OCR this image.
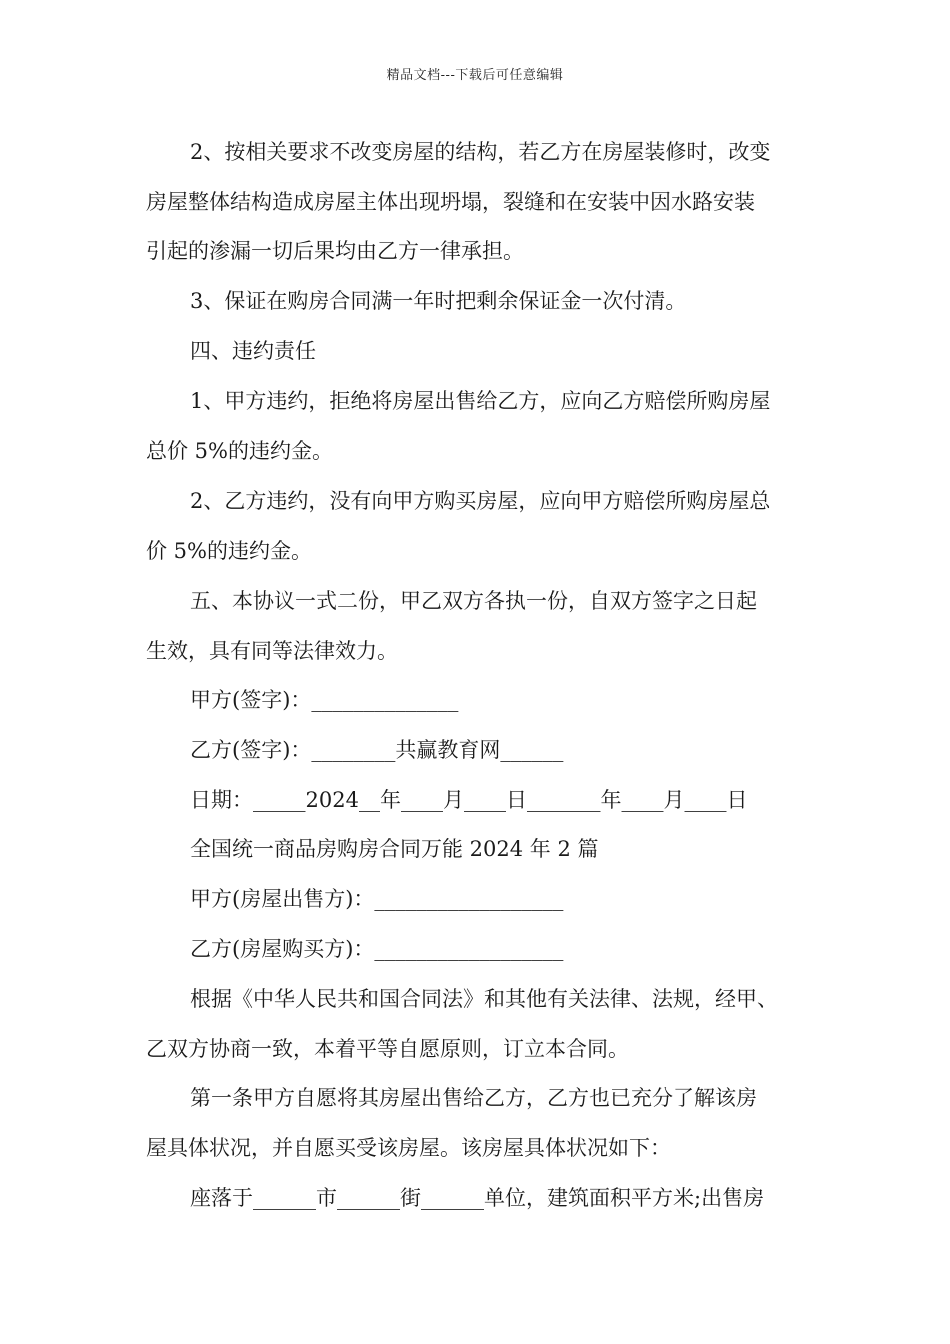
精品文档---下载后可任意编辑
2、按相关要求不改变房屋的结构，若乙方在房屋装修时，改变
房屋整体结构造成房屋主体出现坍塌，裂缝和在安装中因水路安装
引起的渗漏一切后果均由乙方一律承担。
3、保证在购房合同满一年时把剩余保证金一次付清。
四、违约责任
1、甲方违约，拒绝将房屋出售给乙方，应向乙方赔偿所购房屋
总价 5%的违约金。
2、乙方违约，没有向甲方购买房屋，应向甲方赔偿所购房屋总
价 5%的违约金。
五、本协议一式二份，甲乙双方各执一份，自双方签字之日起
生效，具有同等法律效力。
甲方(签字)：______________
乙方(签字)：________共赢教育网______
日期：_____2024__年____月____日_______年____月____日
全国统一商品房购房合同万能 2024 年 2 篇
甲方(房屋出售方)：__________________
乙方(房屋购买方)：__________________
根据《中华人民共和国合同法》和其他有关法律、法规，经甲、
乙双方协商一致，本着平等自愿原则，订立本合同。
第一条甲方自愿将其房屋出售给乙方，乙方也已充分了解该房
屋具体状况，并自愿买受该房屋。该房屋具体状况如下：
座落于______市______街______单位，建筑面积平方米;出售房
